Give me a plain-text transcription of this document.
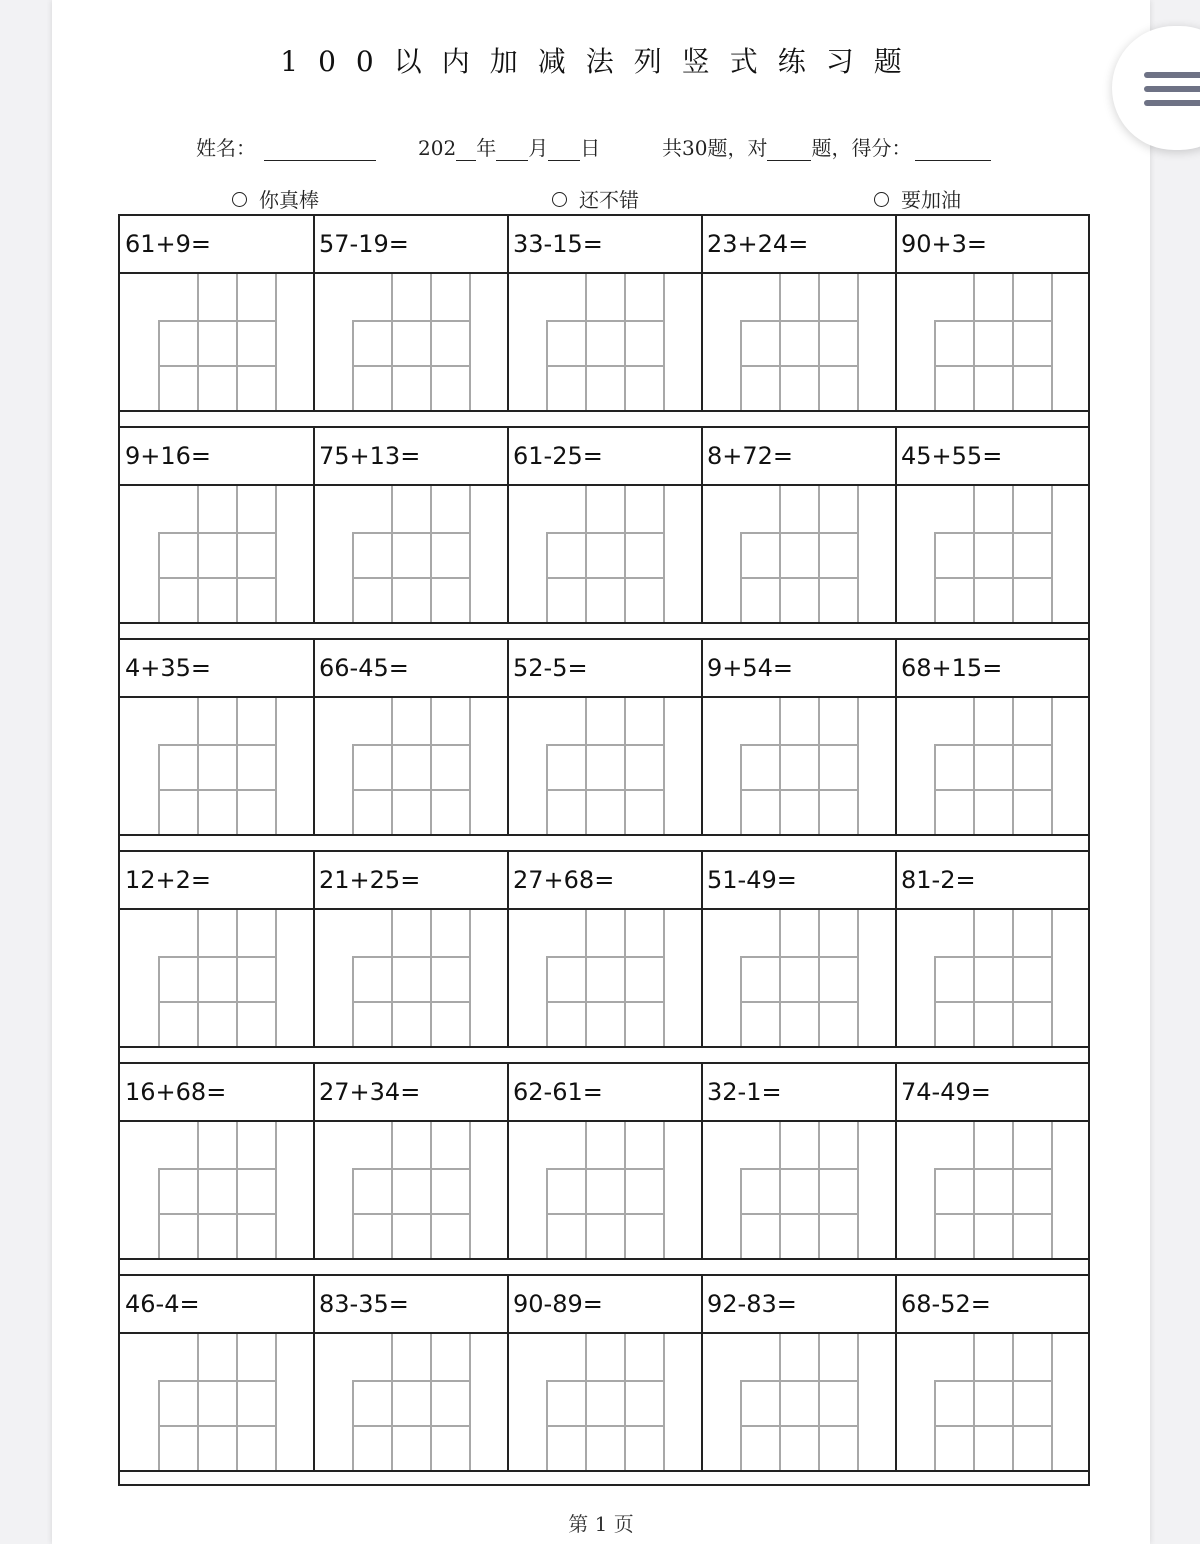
100以内加减法列竖式练习题
姓名：	202 年 月 日	共30题，对 题，得分：
你真棒	还不错	要加油
61+9=	57-19=	33-15=	23+24=	90+3=
9+16=	75+13=	61-25=	8+72=	45+55=
4+35=	66-45=	52-5=	9+54=	68+15=
12+2=	21+25=	27+68=	51-49=	81-2=
16+68=	27+34=	62-61=	32-1=	74-49=
46-4=	83-35=	90-89=	92-83=	68-52=
第 1 页
